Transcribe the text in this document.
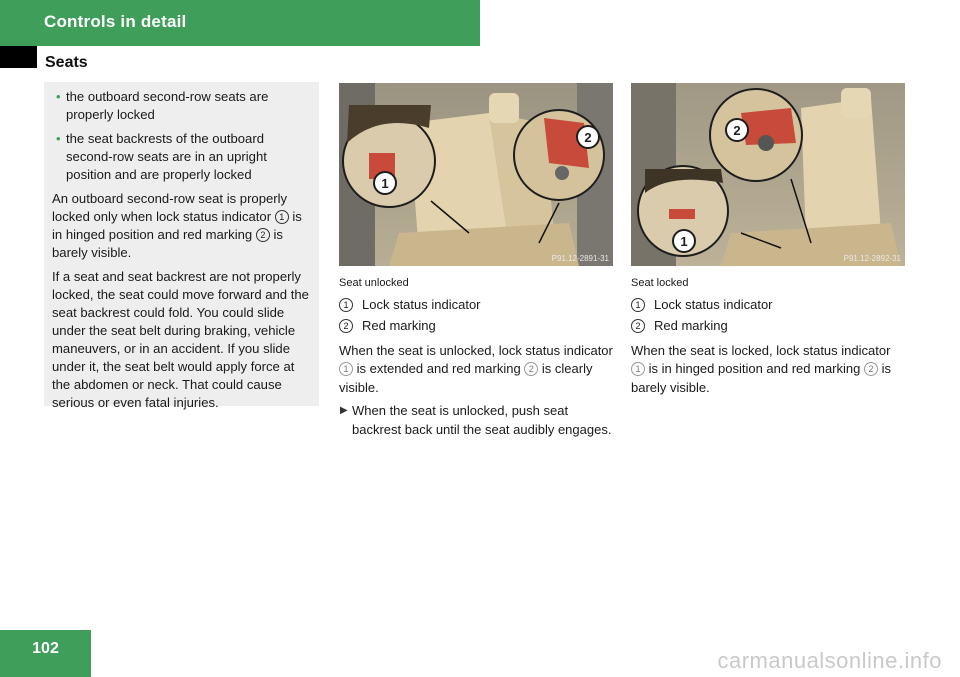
Controls in detail
Seats
• the outboard second-row seats are properly locked
• the seat backrests of the outboard second-row seats are in an upright position and are properly locked

An outboard second-row seat is properly locked only when lock status indicator 1 is in hinged position and red marking 2 is barely visible.

If a seat and seat backrest are not properly locked, the seat could move forward and the seat backrest could fold. You could slide under the seat belt during braking, vehicle maneuvers, or in an accident. If you slide under it, the seat belt would apply force at the abdomen or neck. That could cause serious or even fatal injuries.

1
2
P91.12-2891-31
2
1
P91.12-2892-31
Seat unlocked
1	Lock status indicator
2	Red marking

When the seat is unlocked, lock status indicator 1 is extended and red marking 2 is clearly visible.

▶ When the seat is unlocked, push seat backrest back until the seat audibly engages.
Seat locked
1	Lock status indicator
2	Red marking

When the seat is locked, lock status indicator 1 is in hinged position and red marking 2 is barely visible.

102	carmanualsonline.info
